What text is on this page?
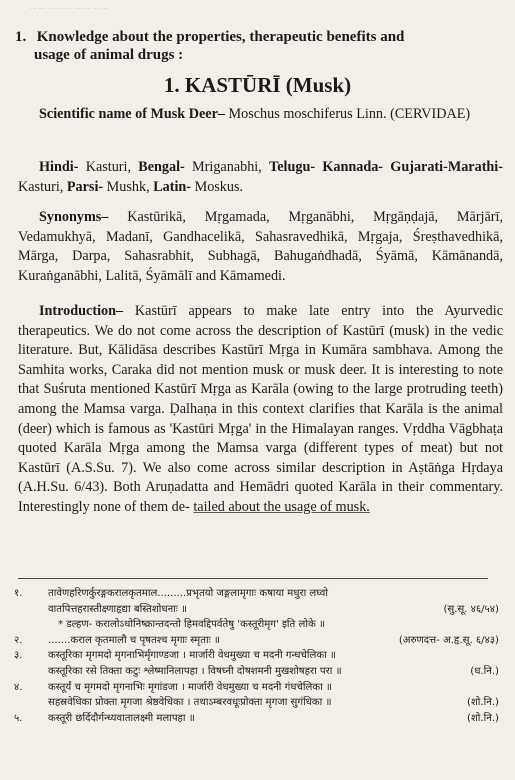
... ... ... ... ... ... ... ... ...
1. Knowledge about the properties, therapeutic benefits and
usage of animal drugs :
1. KASTŪRĪ (Musk)

Scientific name of Musk Deer– Moschus moschiferus Linn. (CERVIDAE)

Hindi- Kasturi, Bengal- Mriganabhi, Telugu- Kannada- Gujarati-Marathi- Kasturi, Parsi- Mushk, Latin- Moskus.

Synonyms– Kastūrikā, Mṛgamada, Mṛganābhi, Mṛgāṇḍajā, Mārjārī, Vedamukhyā, Madanī, Gandhacelikā, Sahasravedhikā, Mṛgaja, Śreṣthavedhikā, Mārga, Darpa, Sahasrabhit, Subhagā, Bahugaṅdhadā, Śyāmā, Kāmānandā, Kuraṅganābhi, Lalitā, Śyāmālī and Kāmamedi.

Introduction– Kastūrī appears to make late entry into the Ayurvedic therapeutics. We do not come across the description of Kastūrī (musk) in the vedic literature. But, Kālidāsa describes Kastūrī Mṛga in Kumāra sambhava. Among the Samhita works, Caraka did not mention musk or musk deer. It is interesting to note that Suśruta mentioned Kastūrī Mṛga as Karāla (owing to the large protruding teeth) among the Mamsa varga. Ḍalhaṇa in this context clarifies that Karāla is the animal (deer) which is famous as 'Kastūri Mṛga' in the Himalayan ranges. Vṛddha Vāgbhaṭa quoted Karāla Mṛga among the Mamsa varga (different types of meat) but not Kastūrī (A.S.Su. 7). We also come across similar description in Aṣtāṅga Hṛdaya (A.H.Su. 6/43). Both Aruṇadatta and Hemādri quoted Karāla in their commentary. Interestingly none of them de- tailed about the usage of musk.

१.	तावेणहरिणर्कुरङ्गकरालकृतमाल.........प्रभृतयो जङ्गलामृगाः कषाया मधुरा लघ्वो
वातपित्तहरास्तीक्ष्णाहृद्या बस्तिशोधनाः ॥	(सु.सू. ४६/५४)
* डल्हण- करालोऽधोनिष्क्रान्तदन्तो हिमवद्दिपर्वतेषु 'कस्तूरीमृग' इति लोके ॥
२.	.......कराल कृतमालौ च पृषतश्च मृगाः स्मृताः ॥	(अरुणदत्त- अ.हृ.सू. ६/४३)
३.	कस्तूरिका मृगमदो मृगनाभिर्मृगाण्डजा । मार्जारी वेधमुख्या च मदनी गन्धचेलिका ॥
कस्तूरिका रसे तिक्ता कटुः श्लेष्मानिलापहा । विषघ्नी दोषशमनी मुखशोषहरा परा ॥	(ध.नि.)
४.	कस्तूर्यं च मृगमदो मृगनाभिः मृगांडजा । मार्जारी वेधमुख्या च मदनी गंधचेलिका ॥
सहस्रवेधिका प्रोक्ता मृगजा श्रेष्ठवेधिका । तथाऽम्बरवधूःप्रोक्ता मृगजा सुगंधिका ॥	(शो.नि.)
५.	कस्तूरी छर्दिदौर्गन्ध्यवातालक्ष्मी मलापहा ॥	(शो.नि.)
